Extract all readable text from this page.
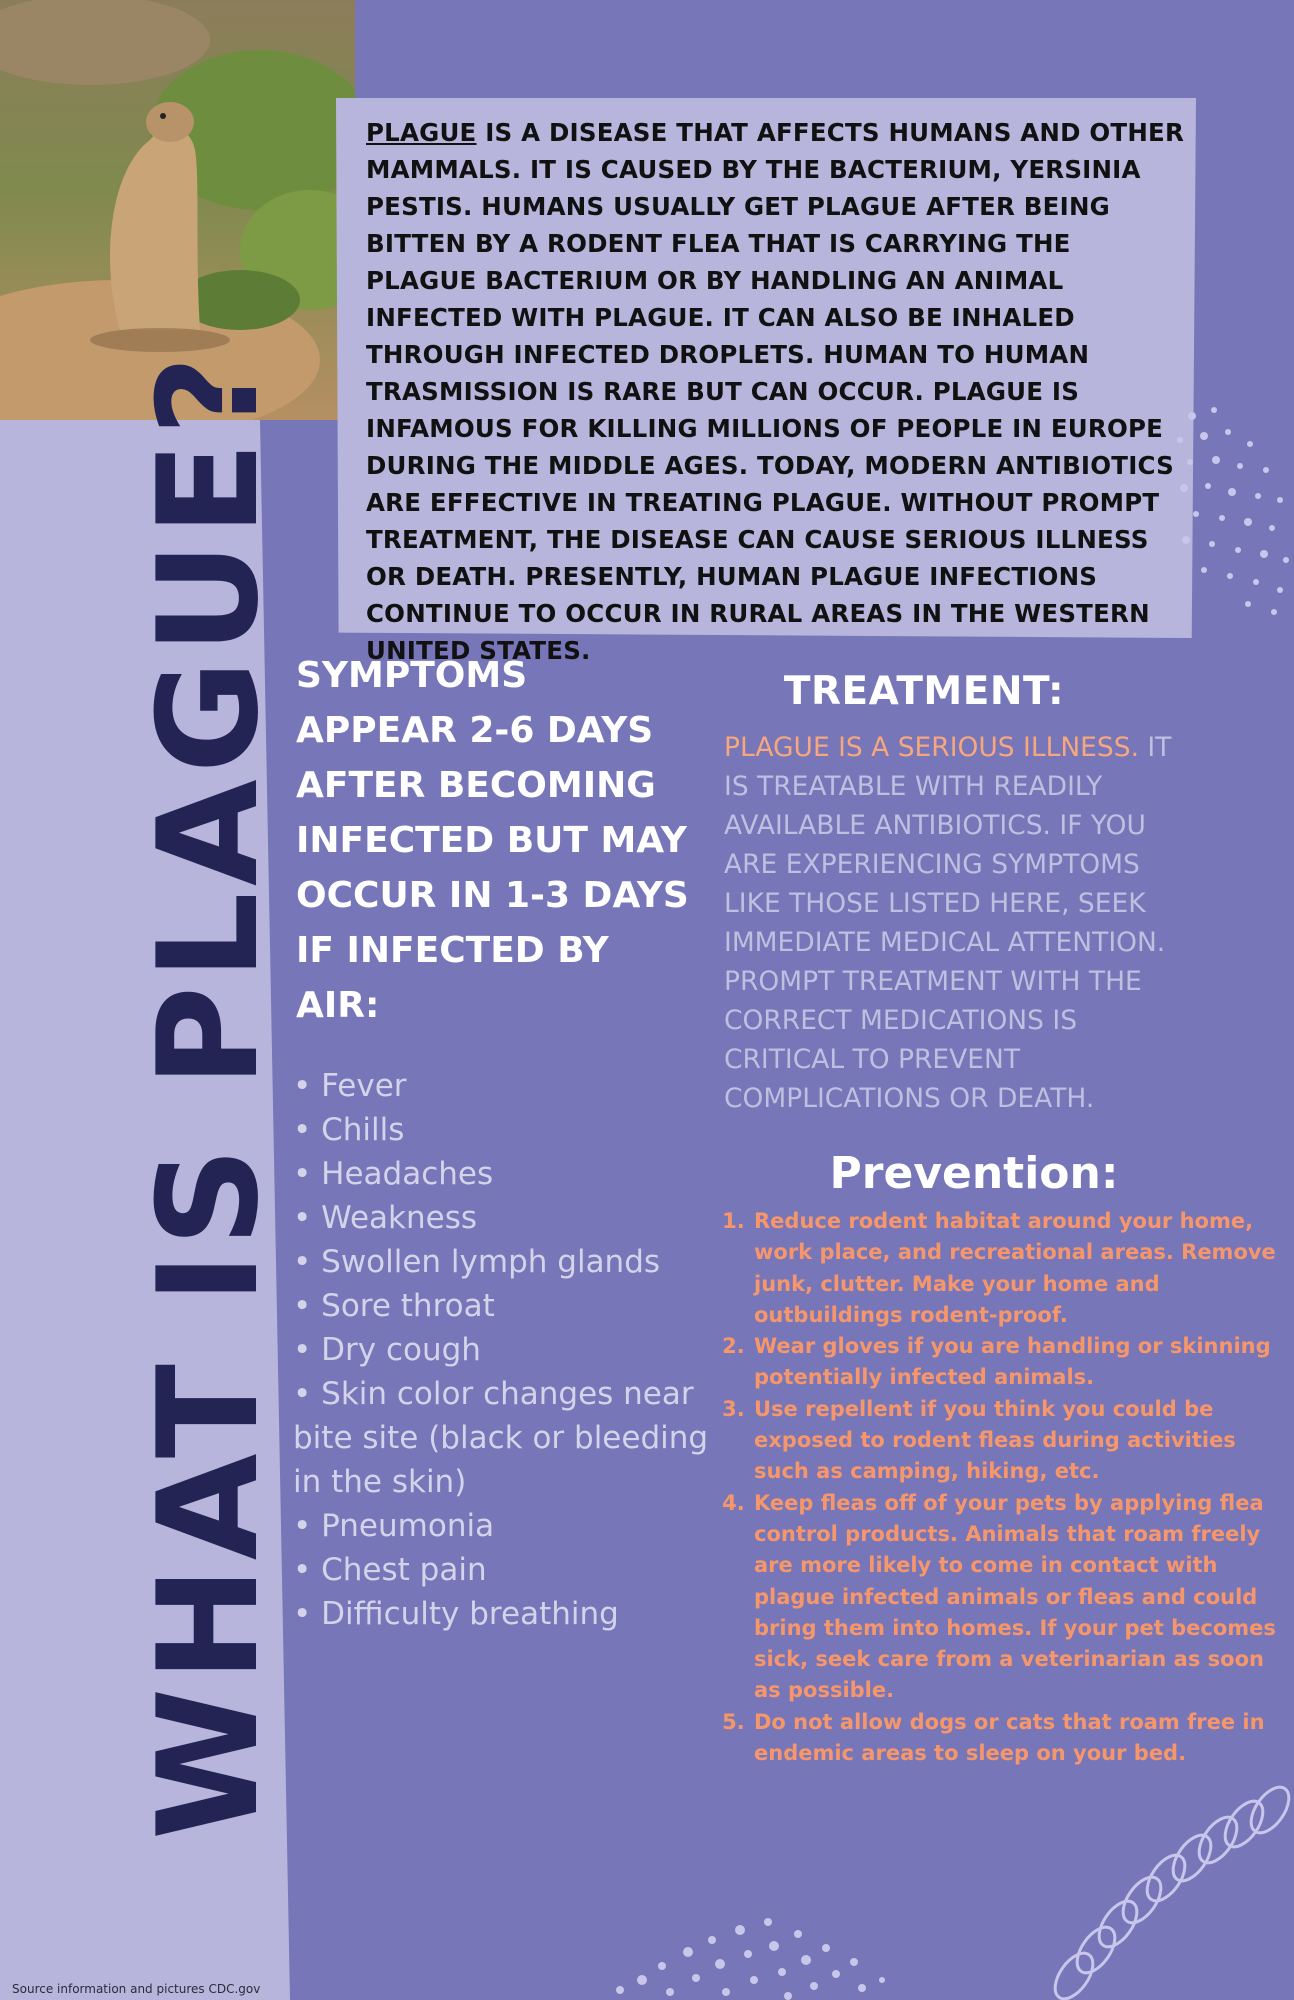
WHAT IS PLAGUE?
PLAGUE IS A DISEASE THAT AFFECTS HUMANS AND OTHER MAMMALS. IT IS CAUSED BY THE BACTERIUM, YERSINIA PESTIS. HUMANS USUALLY GET PLAGUE AFTER BEING BITTEN BY A RODENT FLEA THAT IS CARRYING THE PLAGUE BACTERIUM OR BY HANDLING AN ANIMAL INFECTED WITH PLAGUE. IT CAN ALSO BE INHALED THROUGH INFECTED DROPLETS. HUMAN TO HUMAN TRASMISSION IS RARE BUT CAN OCCUR. PLAGUE IS INFAMOUS FOR KILLING MILLIONS OF PEOPLE IN EUROPE DURING THE MIDDLE AGES. TODAY, MODERN ANTIBIOTICS ARE EFFECTIVE IN TREATING PLAGUE. WITHOUT PROMPT TREATMENT, THE DISEASE CAN CAUSE SERIOUS ILLNESS OR DEATH. PRESENTLY, HUMAN PLAGUE INFECTIONS CONTINUE TO OCCUR IN RURAL AREAS IN THE WESTERN UNITED STATES.
SYMPTOMS APPEAR 2-6 DAYS AFTER BECOMING INFECTED BUT MAY OCCUR IN 1-3 DAYS IF INFECTED BY AIR:
• Fever
• Chills
• Headaches
• Weakness
• Swollen lymph glands
• Sore throat
• Dry cough
• Skin color changes near bite site (black or bleeding in the skin)
• Pneumonia
• Chest pain
• Difficulty breathing
TREATMENT:
PLAGUE IS A SERIOUS ILLNESS. IT IS TREATABLE WITH READILY AVAILABLE ANTIBIOTICS. IF YOU ARE EXPERIENCING SYMPTOMS LIKE THOSE LISTED HERE, SEEK IMMEDIATE MEDICAL ATTENTION. PROMPT TREATMENT WITH THE CORRECT MEDICATIONS IS CRITICAL TO PREVENT COMPLICATIONS OR DEATH.
Prevention:
1. Reduce rodent habitat around your home, work place, and recreational areas. Remove junk, clutter. Make your home and outbuildings rodent-proof.
2. Wear gloves if you are handling or skinning potentially infected animals.
3. Use repellent if you think you could be exposed to rodent fleas during activities such as camping, hiking, etc.
4. Keep fleas off of your pets by applying flea control products. Animals that roam freely are more likely to come in contact with plague infected animals or fleas and could bring them into homes. If your pet becomes sick, seek care from a veterinarian as soon as possible.
5. Do not allow dogs or cats that roam free in endemic areas to sleep on your bed.
Source information and pictures CDC.gov
